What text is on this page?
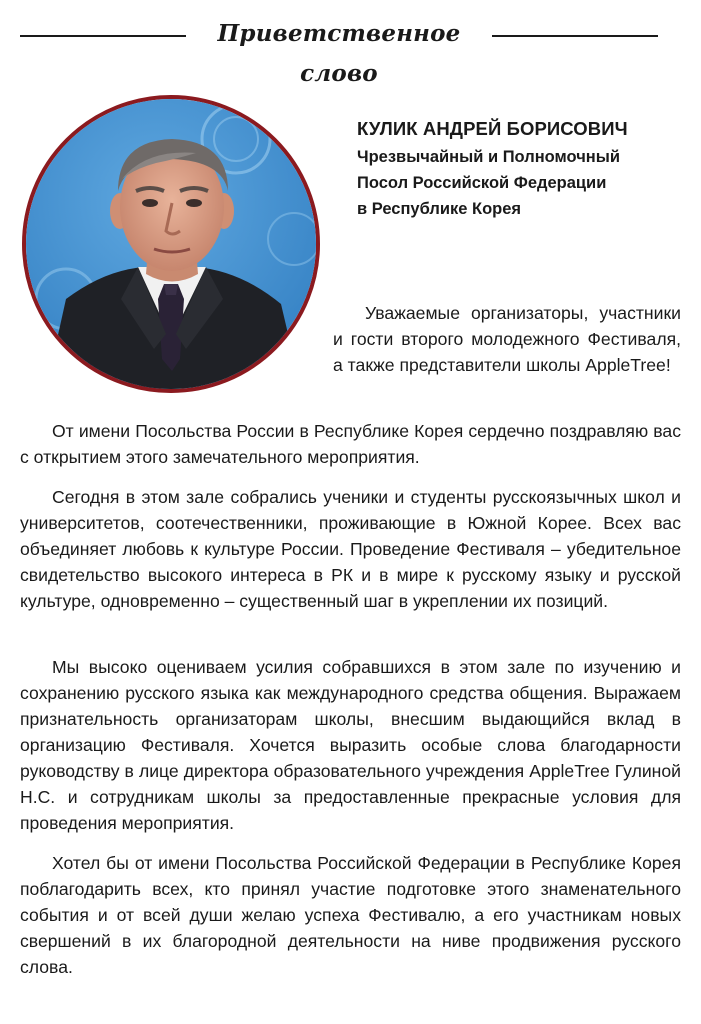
Приветственное слово
КУЛИК АНДРЕЙ БОРИСОВИЧ
Чрезвычайный и Полномочный
Посол Российской Федерации
в Республике Корея

Уважаемые организаторы, участники и гости второго молодежного Фестиваля, а также представители школы AppleTree!

От имени Посольства России в Республике Корея сердечно поздравляю вас с открытием этого замечательного мероприятия.

Сегодня в этом зале собрались ученики и студенты русскоязычных школ и университетов, соотечественники, проживающие в Южной Корее. Всех вас объединяет любовь к культуре России. Проведение Фестиваля – убедительное свидетельство высокого интереса в РК и в мире к русскому языку и русской культуре, одновременно – существенный шаг в укреплении их позиций.

Мы высоко оцениваем усилия собравшихся в этом зале по изучению и сохранению русского языка как международного средства общения. Выражаем признательность организаторам школы, внесшим выдающийся вклад в организацию Фестиваля. Хочется выразить особые слова благодарности руководству в лице директора образовательного учреждения AppleTree Гулиной Н.С. и сотрудникам школы за предоставленные прекрасные условия для проведения мероприятия.

Хотел бы от имени Посольства Российской Федерации в Республике Корея поблагодарить всех, кто принял участие подготовке этого знаменательного события и от всей души желаю успеха Фестивалю, а его участникам новых свершений в их благородной деятельности на ниве продвижения русского слова.
